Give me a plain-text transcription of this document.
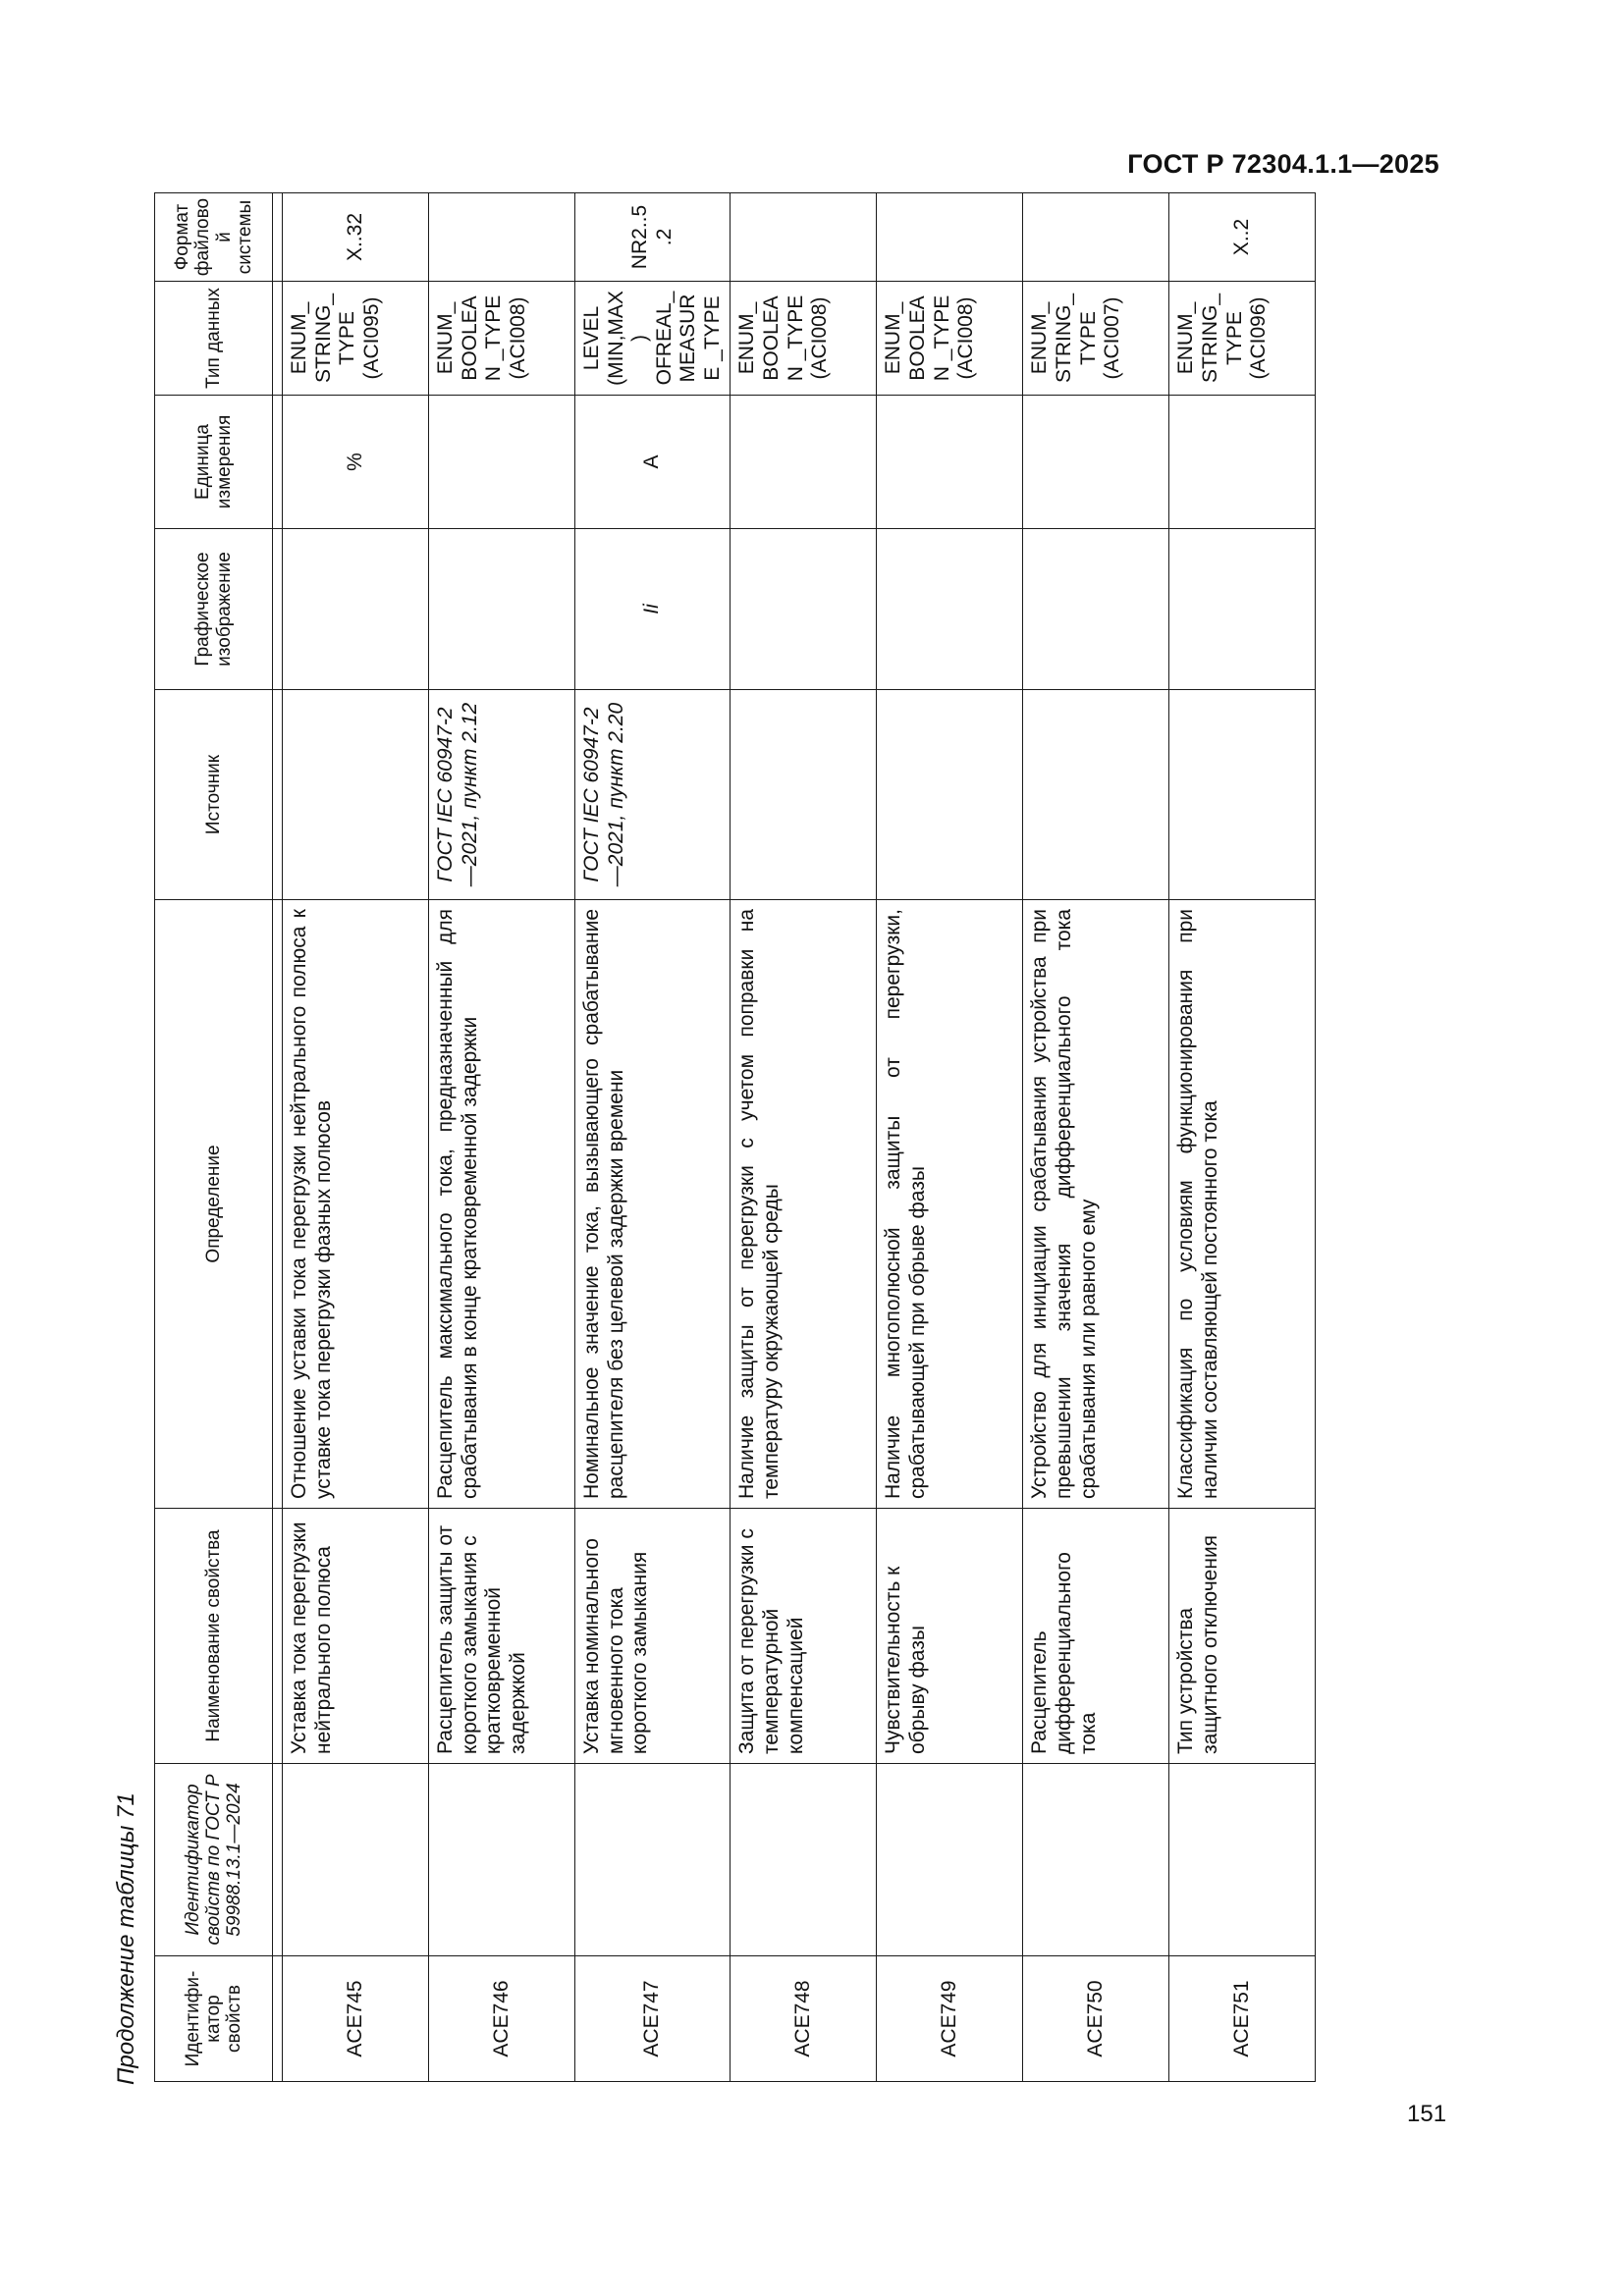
ГОСТ Р 72304.1.1—2025
Продолжение таблицы 71 Идентифи-катор свойств	Идентификатор свойств по ГОСТ Р 59988.13.1—2024	Наименование свойства	Определение	Источник	Графическое изображение	Единица измерения	Тип данных	Формат файловой системы

ACE745		Уставка тока перегрузки нейтрального полюса	Отношение уставки тока перегрузки нейтрального полюса к уставке тока перегрузки фазных полюсов			%	ENUM_ STRING_ TYPE (ACI095)	X..32
ACE746		Расцепитель защиты от короткого замыкания с кратковременной задержкой	Расцепитель максимального тока, предназначенный для срабатывания в конце кратковременной задержки	ГОСТ IEC 60947-2—2021, пункт 2.12			ENUM_ BOOLEAN _TYPE (ACI008)	
ACE747		Уставка номинального мгновенного тока короткого замыкания	Номинальное значение тока, вызывающего срабатывание расцепителя без целевой задержки времени	ГОСТ IEC 60947-2—2021, пункт 2.20	Ii	A	LEVEL (MIN,MAX) OFREAL_ MEASURE _TYPE	NR2..5.2
ACE748		Защита от перегрузки с температурной компенсацией	Наличие защиты от перегрузки с учетом поправки на температуру окружающей среды				ENUM_ BOOLEAN _TYPE (ACI008)	
ACE749		Чувствительность к обрыву фазы	Наличие многополюсной защиты от перегрузки, срабатывающей при обрыве фазы				ENUM_ BOOLEAN _TYPE (ACI008)	
ACE750		Расцепитель дифференциального тока	Устройство для инициации срабатывания устройства при превышении значения дифференциального тока срабатывания или равного ему				ENUM_ STRING_ TYPE (ACI007)	
ACE751		Тип устройства защитного отключения	Классификация по условиям функционирования при наличии составляющей постоянного тока				ENUM_ STRING_ TYPE (ACI096)	X..2
151
